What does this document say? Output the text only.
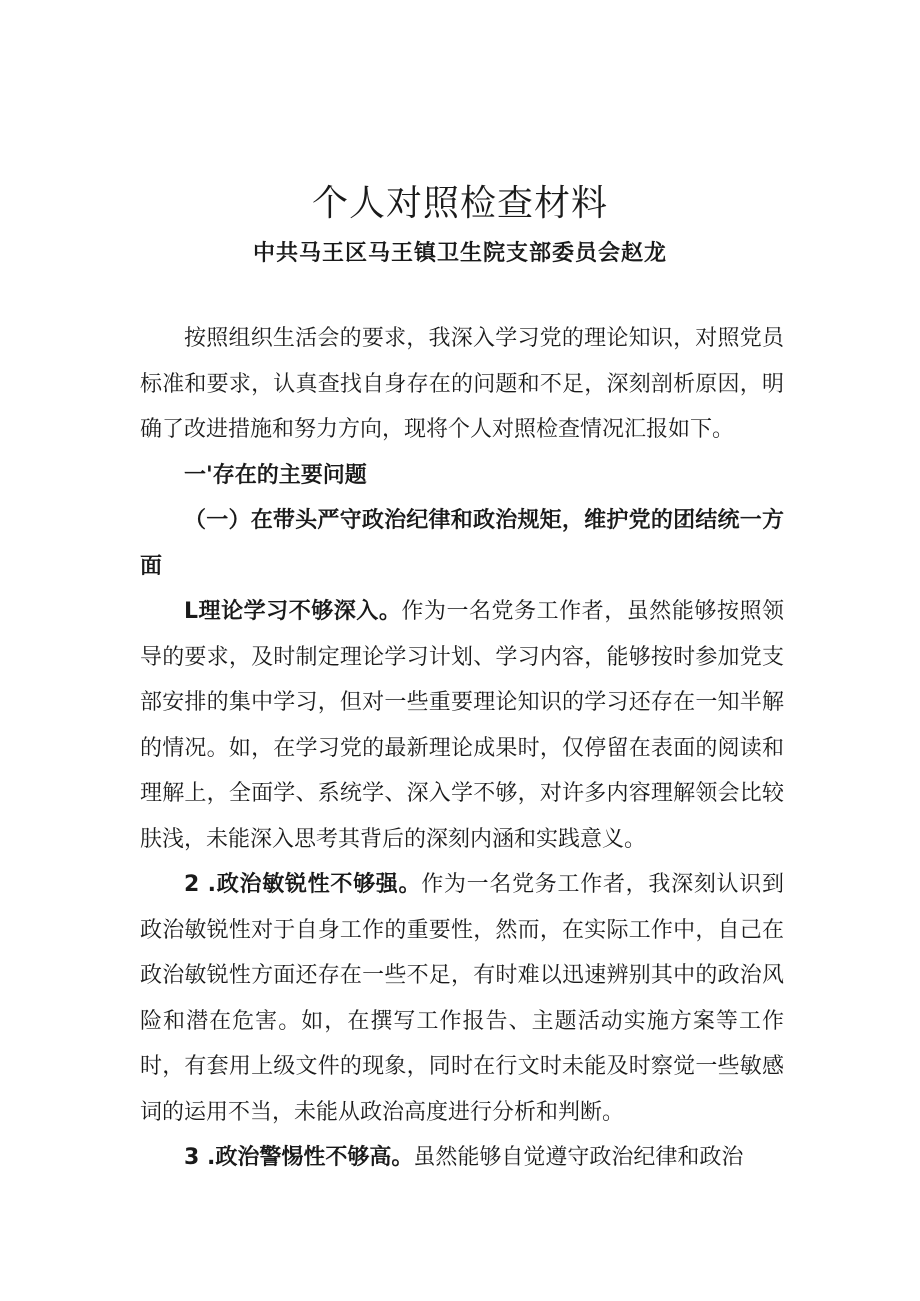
个人对照检查材料
中共马王区马王镇卫生院支部委员会赵龙

按照组织生活会的要求，我深入学习党的理论知识，对照党员标准和要求，认真查找自身存在的问题和不足，深刻剖析原因，明确了改进措施和努力方向，现将个人对照检查情况汇报如下。

一'存在的主要问题

（一）在带头严守政治纪律和政治规矩，维护党的团结统一方面

L理论学习不够深入。作为一名党务工作者，虽然能够按照领导的要求，及时制定理论学习计划、学习内容，能够按时参加党支部安排的集中学习，但对一些重要理论知识的学习还存在一知半解的情况。如，在学习党的最新理论成果时，仅停留在表面的阅读和理解上，全面学、系统学、深入学不够，对许多内容理解领会比较肤浅，未能深入思考其背后的深刻内涵和实践意义。

2 .政治敏锐性不够强。作为一名党务工作者，我深刻认识到政治敏锐性对于自身工作的重要性，然而，在实际工作中，自己在政治敏锐性方面还存在一些不足，有时难以迅速辨别其中的政治风险和潜在危害。如，在撰写工作报告、主题活动实施方案等工作时，有套用上级文件的现象，同时在行文时未能及时察觉一些敏感词的运用不当，未能从政治高度进行分析和判断。

3 .政治警惕性不够高。虽然能够自觉遵守政治纪律和政治
